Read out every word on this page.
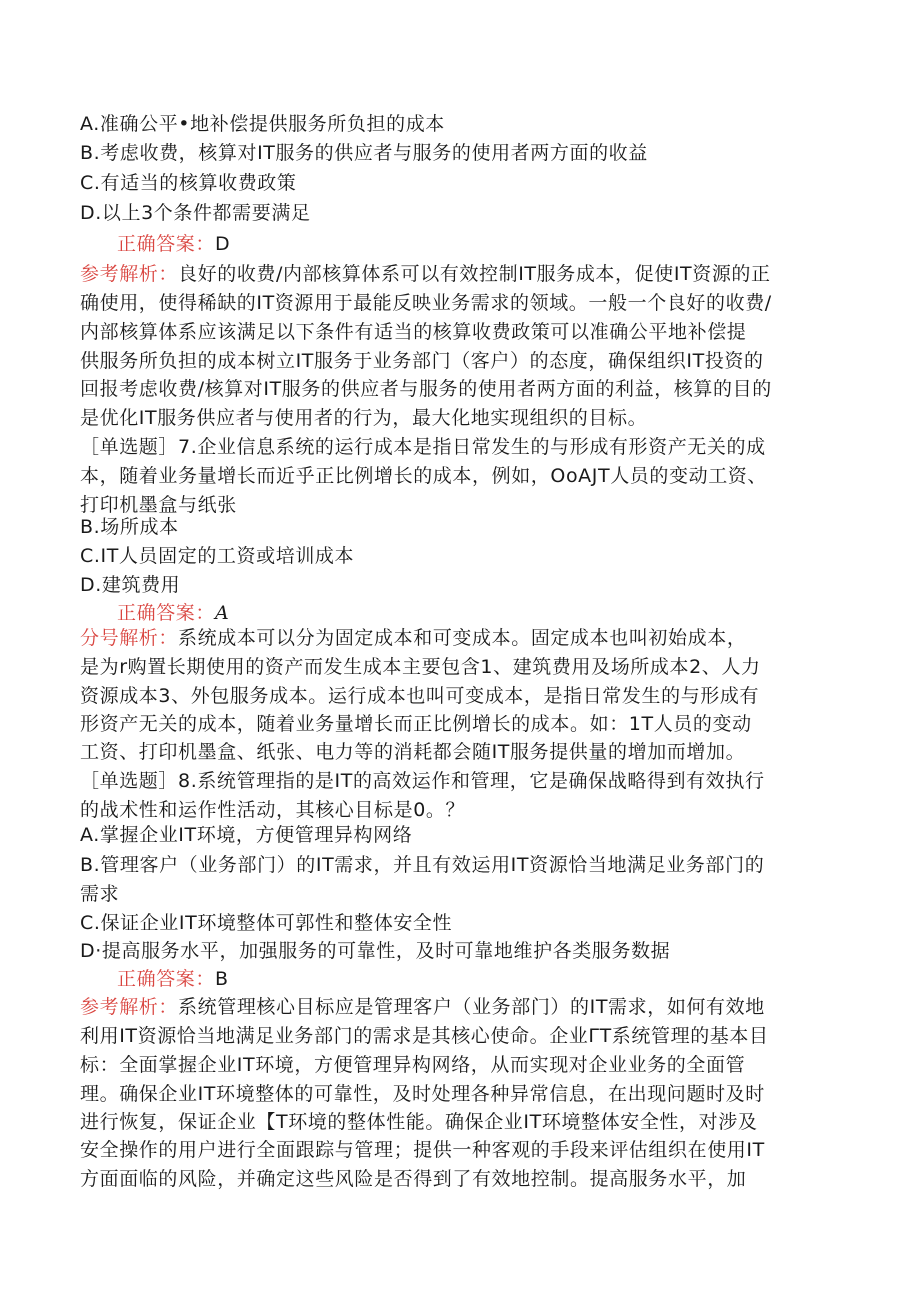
A.准确公平•地补偿提供服务所负担的成本
B.考虑收费，核算对IT服务的供应者与服务的使用者两方面的收益
C.有适当的核算收费政策
D.以上3个条件都需要满足
正确答案：D
参考解析：良好的收费/内部核算体系可以有效控制IT服务成本，促使IT资源的正
确使用，使得稀缺的IT资源用于最能反映业务需求的领域。一般一个良好的收费/
内部核算体系应该满足以下条件有适当的核算收费政策可以准确公平地补偿提
供服务所负担的成本树立IT服务于业务部门（客户）的态度，确保组织IT投资的
回报考虑收费/核算对IT服务的供应者与服务的使用者两方面的利益，核算的目的
是优化IT服务供应者与使用者的行为，最大化地实现组织的目标。
［单选题］7.企业信息系统的运行成本是指日常发生的与形成有形资产无关的成
本，随着业务量增长而近乎正比例增长的成本，例如，OoAJT人员的变动工资、
打印机墨盒与纸张
B.场所成本
C.IT人员固定的工资或培训成本
D.建筑费用
正确答案：A
分号解析：系统成本可以分为固定成本和可变成本。固定成本也叫初始成本，
是为r购置长期使用的资产而发生成本主要包含1、建筑费用及场所成本2、人力
资源成本3、外包服务成本。运行成本也叫可变成本，是指日常发生的与形成有
形资产无关的成本，随着业务量增长而正比例增长的成本。如：1T人员的变动
工资、打印机墨盒、纸张、电力等的消耗都会随IT服务提供量的增加而增加。
［单选题］8.系统管理指的是IT的高效运作和管理，它是确保战略得到有效执行
的战术性和运作性活动，其核心目标是0。？
A.掌握企业IT环境，方便管理异构网络
B.管理客户（业务部门）的IT需求，并且有效运用IT资源恰当地满足业务部门的
需求
C.保证企业IT环境整体可郭性和整体安全性
D·提高服务水平，加强服务的可靠性，及时可靠地维护各类服务数据
正确答案：B
参考解析：系统管理核心目标应是管理客户（业务部门）的IT需求，如何有效地
利用IT资源恰当地满足业务部门的需求是其核心使命。企业ΓT系统管理的基本目
标：全面掌握企业IT环境，方便管理异构网络，从而实现对企业业务的全面管
理。确保企业IT环境整体的可靠性，及时处理各种异常信息，在出现问题时及时
进行恢复，保证企业【T环境的整体性能。确保企业IT环境整体安全性，对涉及
安全操作的用户进行全面跟踪与管理；提供一种客观的手段来评估组织在使用IT
方面面临的风险，并确定这些风险是否得到了有效地控制。提高服务水平，加
